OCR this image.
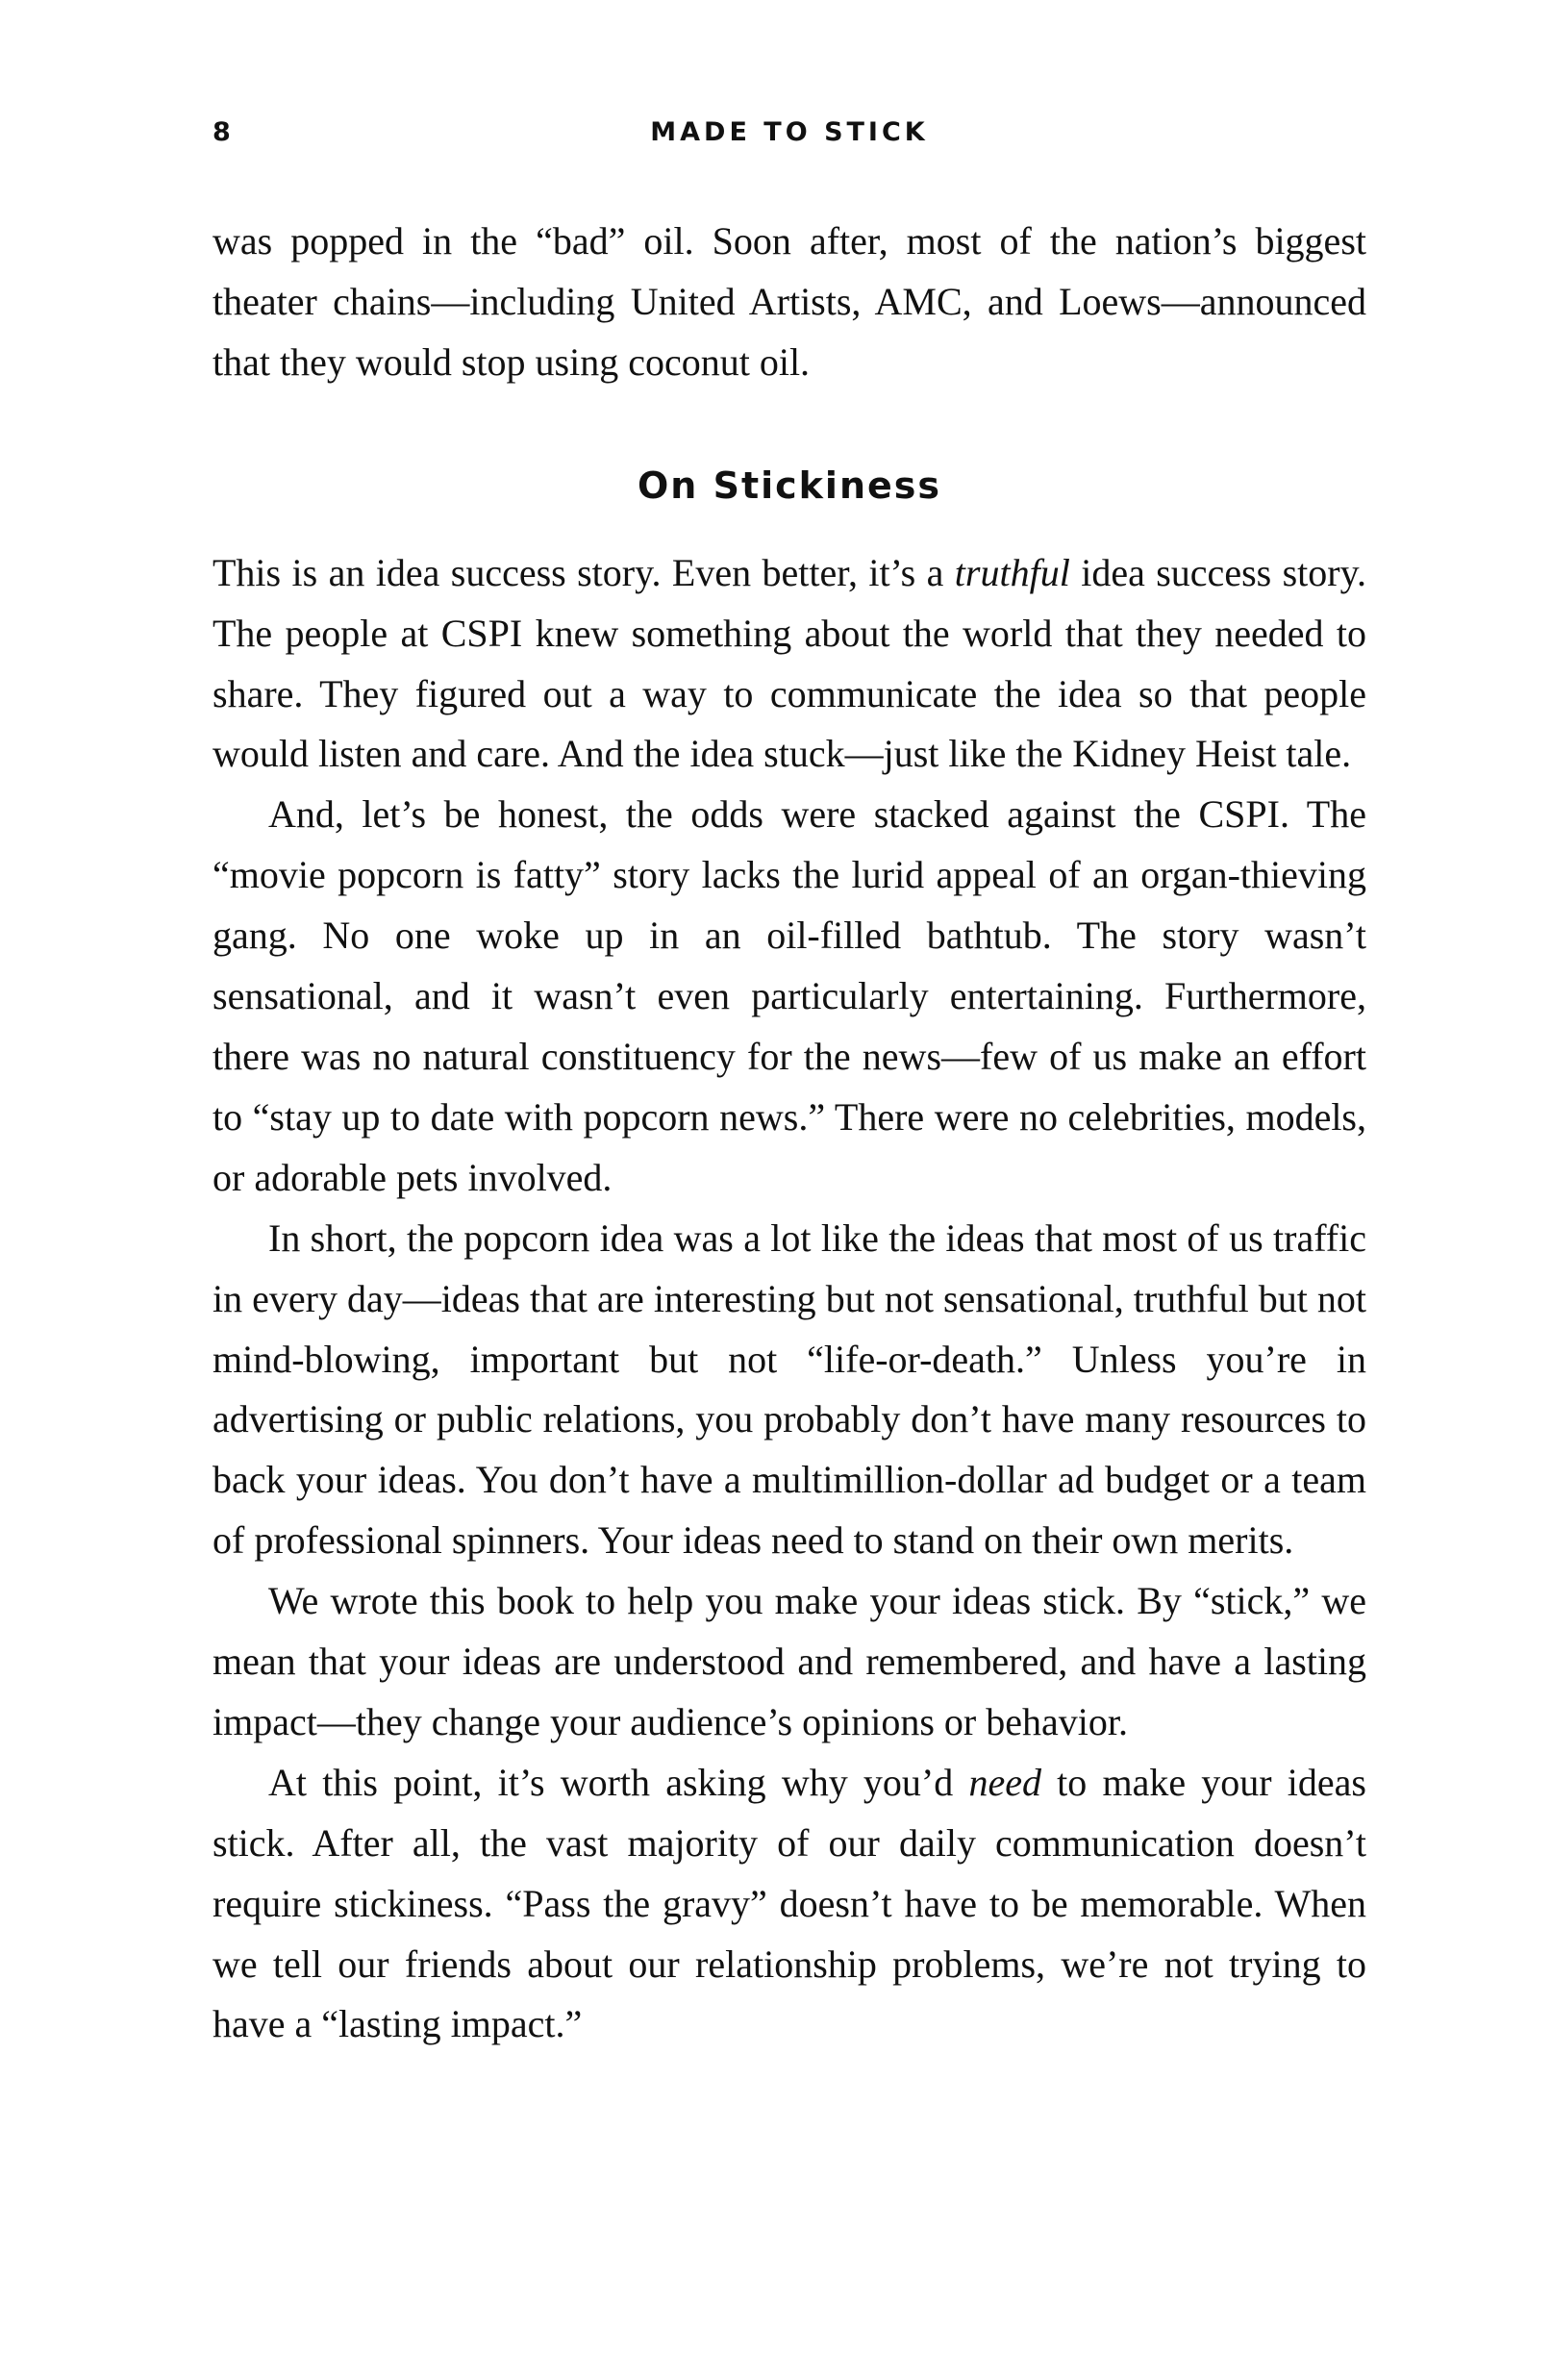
8	MADE TO STICK

was popped in the “bad” oil. Soon after, most of the nation’s biggest theater chains—including United Artists, AMC, and Loews—announced that they would stop using coconut oil.

On Stickiness

This is an idea success story. Even better, it’s a truthful idea success story. The people at CSPI knew something about the world that they needed to share. They figured out a way to communicate the idea so that people would listen and care. And the idea stuck—just like the Kidney Heist tale.

And, let’s be honest, the odds were stacked against the CSPI. The “movie popcorn is fatty” story lacks the lurid appeal of an organ-thieving gang. No one woke up in an oil-filled bathtub. The story wasn’t sensational, and it wasn’t even particularly entertaining. Furthermore, there was no natural constituency for the news—few of us make an effort to “stay up to date with popcorn news.” There were no celebrities, models, or adorable pets involved.

In short, the popcorn idea was a lot like the ideas that most of us traffic in every day—ideas that are interesting but not sensational, truthful but not mind-blowing, important but not “life-or-death.” Unless you’re in advertising or public relations, you probably don’t have many resources to back your ideas. You don’t have a multimillion-dollar ad budget or a team of professional spinners. Your ideas need to stand on their own merits.

We wrote this book to help you make your ideas stick. By “stick,” we mean that your ideas are understood and remembered, and have a lasting impact—they change your audience’s opinions or behavior.

At this point, it’s worth asking why you’d need to make your ideas stick. After all, the vast majority of our daily communication doesn’t require stickiness. “Pass the gravy” doesn’t have to be memorable. When we tell our friends about our relationship problems, we’re not trying to have a “lasting impact.”
